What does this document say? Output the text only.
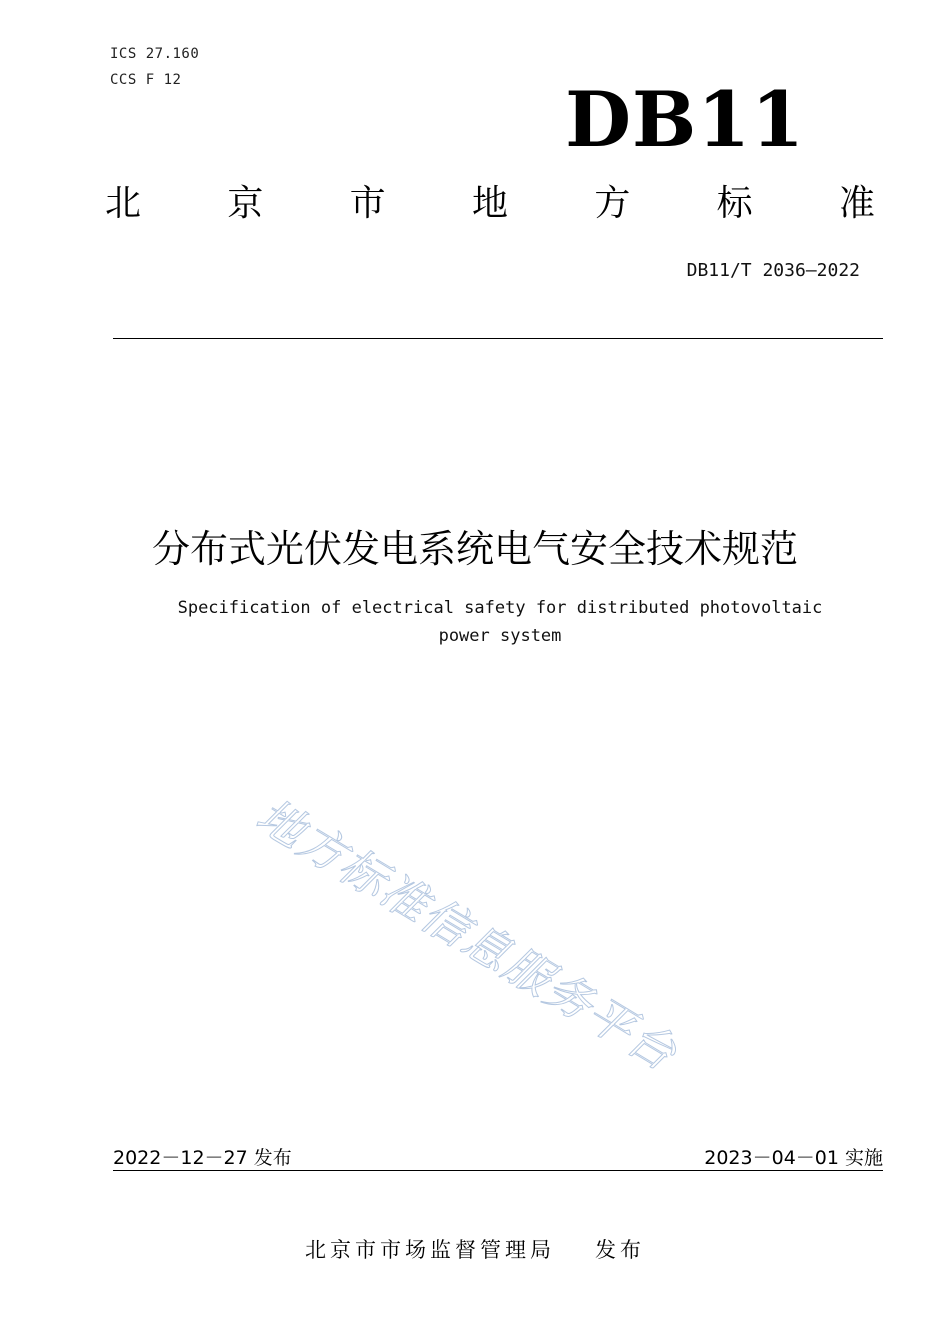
ICS 27.160
CCS F 12	DB11
北 京 市 地 方 标 准
DB11/T 2036—2022
分布式光伏发电系统电气安全技术规范
Specification of electrical safety for distributed photovoltaic
power system
地方标准信息服务平台
2022－12－27 发布	2023－04－01 实施
北京市市场监督管理局 发布
